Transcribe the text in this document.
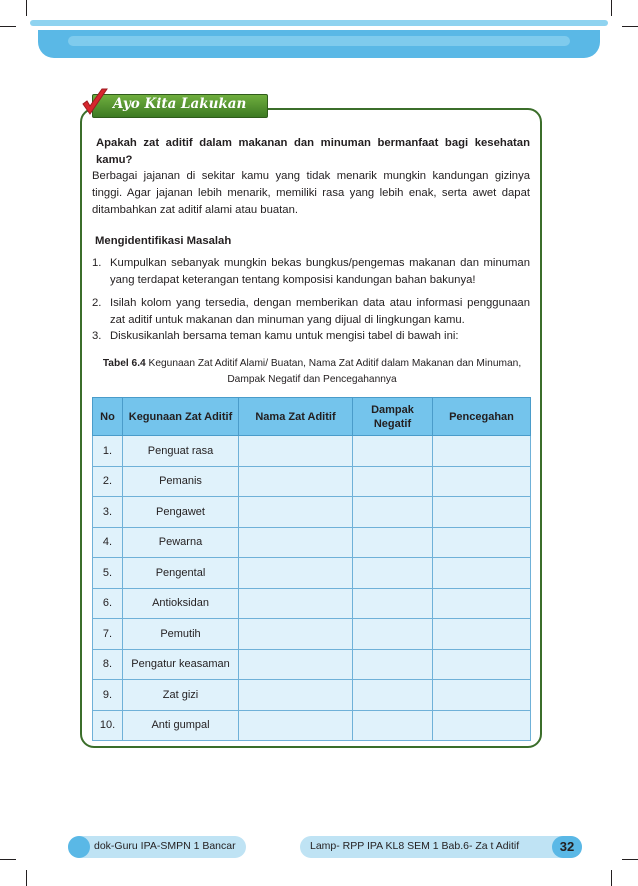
Ayo Kita Lakukan
Apakah zat aditif dalam makanan dan minuman bermanfaat bagi kesehatan kamu?
Berbagai jajanan di sekitar kamu yang tidak menarik mungkin kandungan gizinya tinggi. Agar jajanan lebih menarik, memiliki rasa yang lebih enak, serta awet dapat ditambahkan zat aditif alami atau buatan.
Mengidentifikasi Masalah
1. Kumpulkan sebanyak mungkin bekas bungkus/pengemas makanan dan minuman yang terdapat keterangan tentang komposisi kandungan bahan bakunya!
2. Isilah kolom yang tersedia, dengan memberikan data atau informasi penggunaan zat aditif untuk makanan dan minuman yang dijual di lingkungan kamu.
3. Diskusikanlah bersama teman kamu untuk mengisi tabel di bawah ini:
Tabel 6.4 Kegunaan Zat Aditif Alami/ Buatan, Nama Zat Aditif dalam Makanan dan Minuman, Dampak Negatif dan Pencegahannya
No	Kegunaan Zat Aditif	Nama Zat Aditif	Dampak Negatif	Pencegahan
1.	Penguat rasa			
2.	Pemanis			
3.	Pengawet			
4.	Pewarna			
5.	Pengental			
6.	Antioksidan			
7.	Pemutih			
8.	Pengatur keasaman			
9.	Zat gizi			
10.	Anti gumpal			
dok-Guru IPA-SMPN 1 Bancar	Lamp- RPP IPA KL8 SEM 1 Bab.6- Za t Aditif	32
